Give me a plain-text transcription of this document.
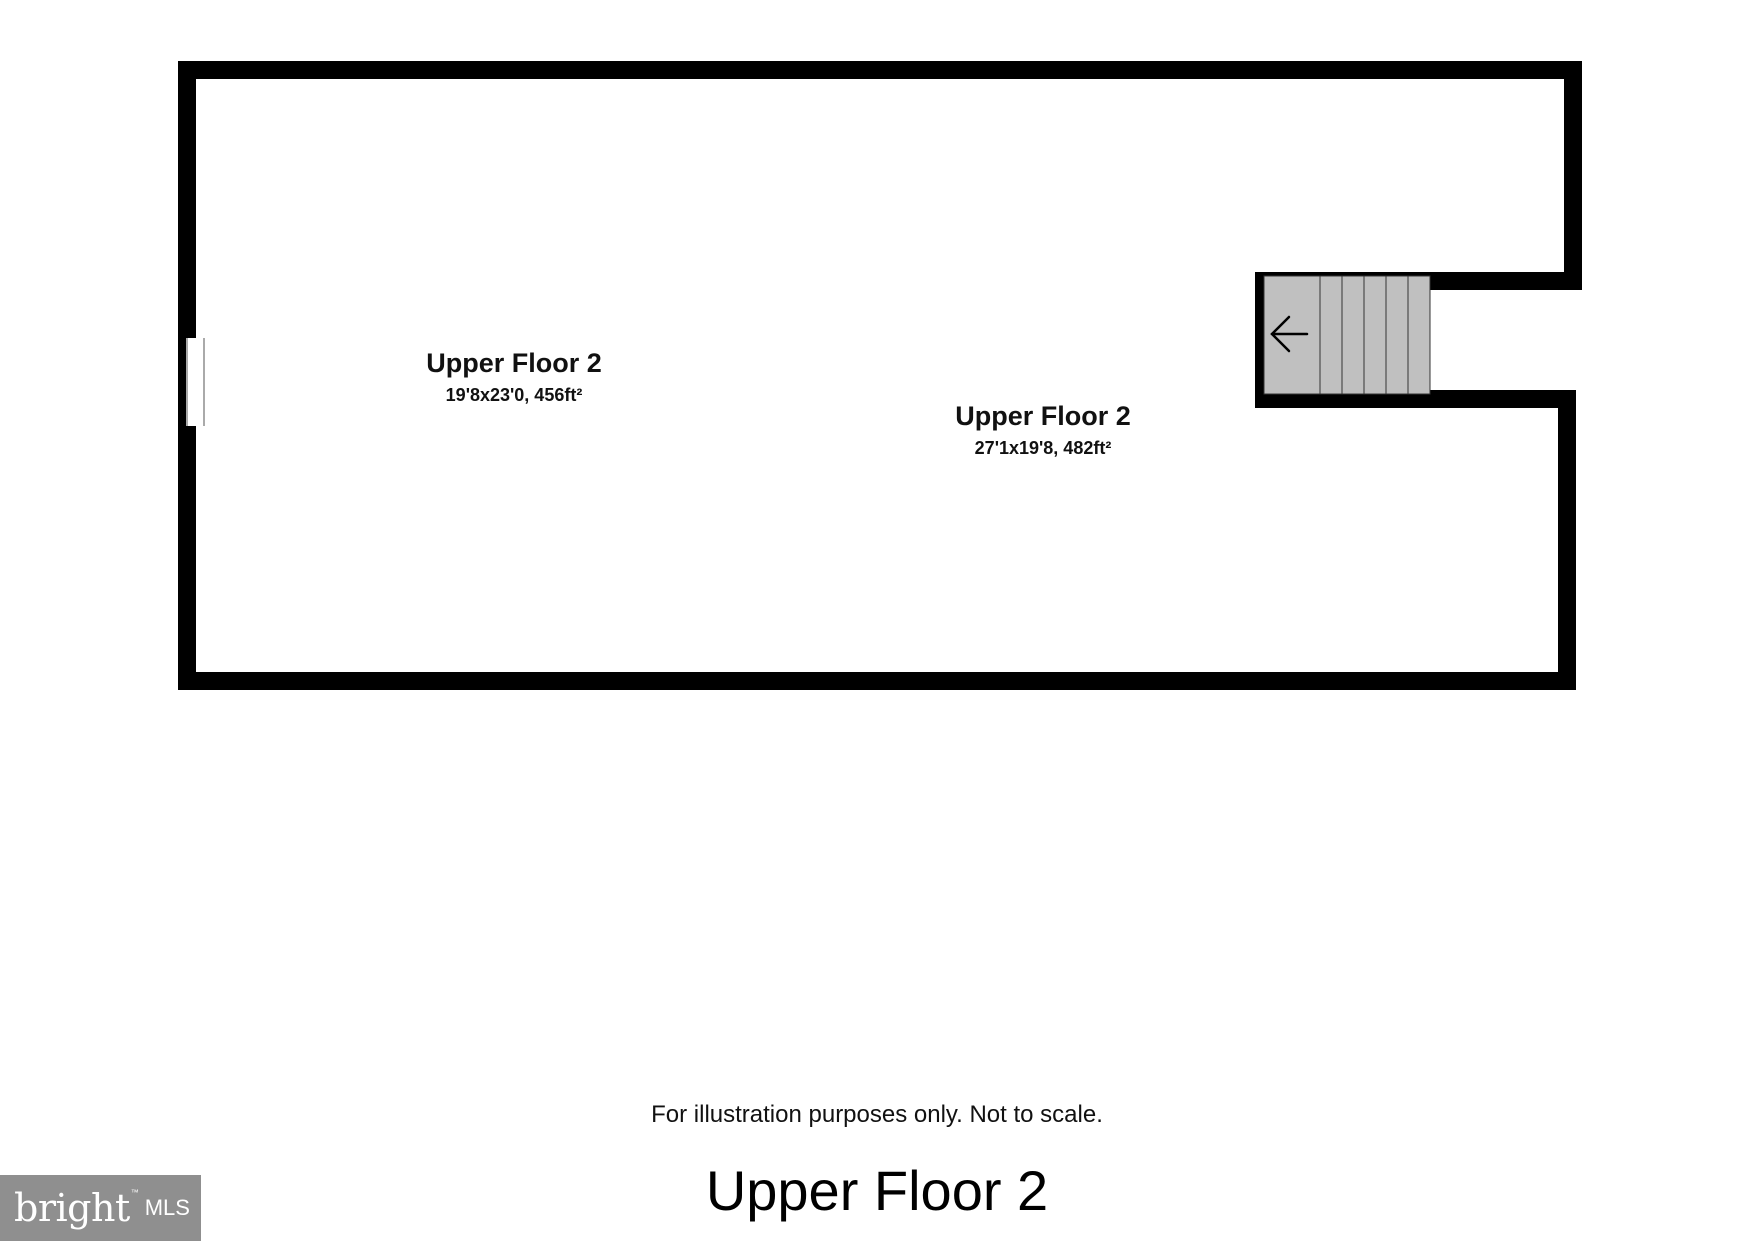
Upper Floor 2
19'8x23'0, 456ft²
Upper Floor 2
27'1x19'8, 482ft²
For illustration purposes only. Not to scale.
Upper Floor 2
bright ™
MLS
